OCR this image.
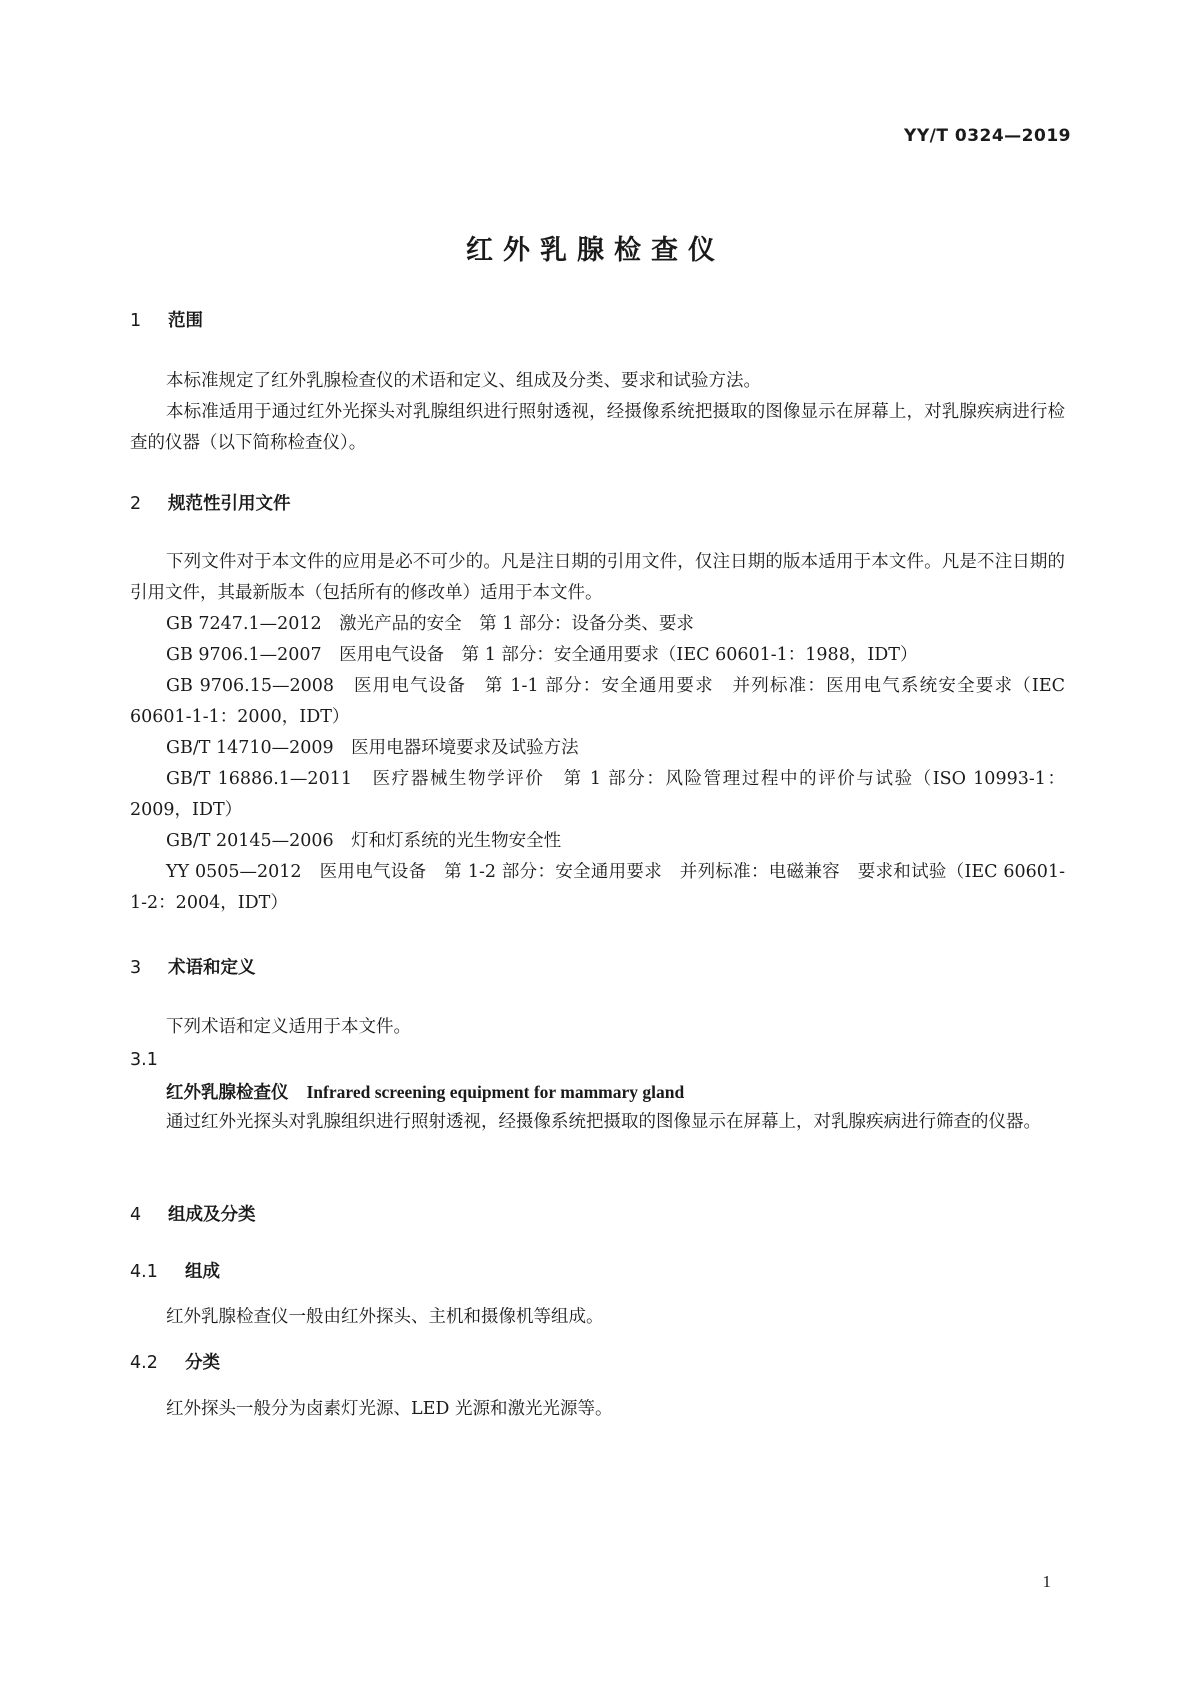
YY/T 0324—2019
红外乳腺检查仪
1 范围

本标准规定了红外乳腺检查仪的术语和定义、组成及分类、要求和试验方法。

本标准适用于通过红外光探头对乳腺组织进行照射透视，经摄像系统把摄取的图像显示在屏幕上，对乳腺疾病进行检查的仪器（以下简称检查仪）。

2 规范性引用文件

下列文件对于本文件的应用是必不可少的。凡是注日期的引用文件，仅注日期的版本适用于本文件。凡是不注日期的引用文件，其最新版本（包括所有的修改单）适用于本文件。

GB 7247.1—2012　激光产品的安全　第 1 部分：设备分类、要求

GB 9706.1—2007　医用电气设备　第 1 部分：安全通用要求（IEC 60601-1：1988，IDT）

GB 9706.15—2008　医用电气设备　第 1-1 部分：安全通用要求　并列标准：医用电气系统安全要求（IEC 60601-1-1：2000，IDT）

GB/T 14710—2009　医用电器环境要求及试验方法

GB/T 16886.1—2011　医疗器械生物学评价　第 1 部分：风险管理过程中的评价与试验（ISO 10993-1：2009，IDT）

GB/T 20145—2006　灯和灯系统的光生物安全性

YY 0505—2012　医用电气设备　第 1-2 部分：安全通用要求　并列标准：电磁兼容　要求和试验（IEC 60601-1-2：2004，IDT）

3 术语和定义

下列术语和定义适用于本文件。

3.1
红外乳腺检查仪 Infrared screening equipment for mammary gland

通过红外光探头对乳腺组织进行照射透视，经摄像系统把摄取的图像显示在屏幕上，对乳腺疾病进行筛查的仪器。

4 组成及分类
4.1 组成

红外乳腺检查仪一般由红外探头、主机和摄像机等组成。

4.2 分类

红外探头一般分为卤素灯光源、LED 光源和激光光源等。

1
